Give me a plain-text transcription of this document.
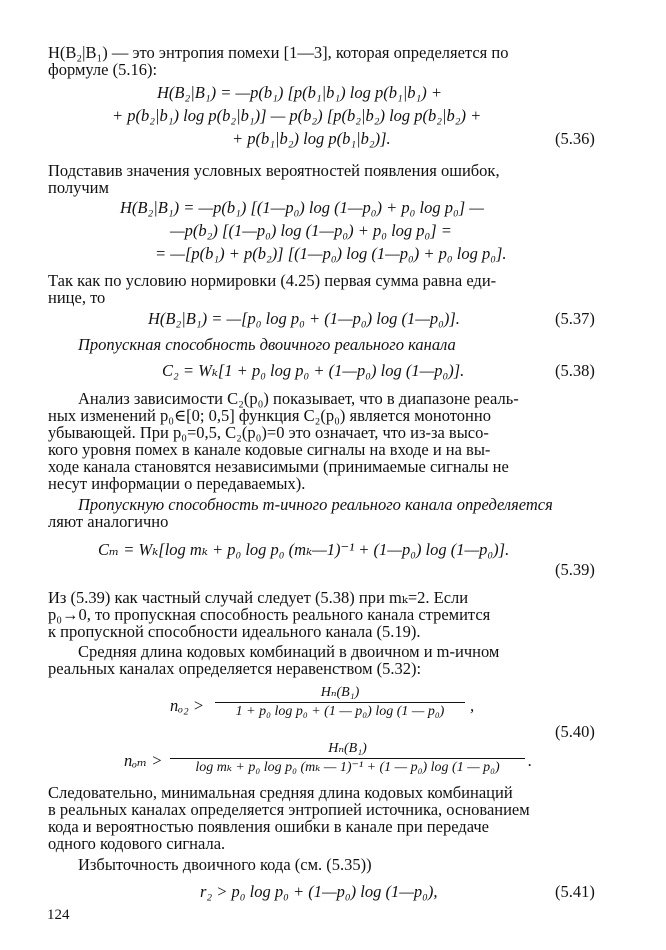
H(B₂|B₁) — это энтропия помехи [1—3], которая определяется по
формуле (5.16):
H(B₂|B₁) = —p(b₁) [p(b₁|b₁) log p(b₁|b₁) +
+ p(b₂|b₁) log p(b₂|b₁)] — p(b₂) [p(b₂|b₂) log p(b₂|b₂) +
+ p(b₁|b₂) log p(b₁|b₂)].	(5.36)
Подставив значения условных вероятностей появления ошибок,
получим
H(B₂|B₁) = —p(b₁) [(1—p₀) log (1—p₀) + p₀ log p₀] —
—p(b₂) [(1—p₀) log (1—p₀) + p₀ log p₀] =
= —[p(b₁) + p(b₂)] [(1—p₀) log (1—p₀) + p₀ log p₀].
Так как по условию нормировки (4.25) первая сумма равна еди-
нице, то
H(B₂|B₁) = —[p₀ log p₀ + (1—p₀) log (1—p₀)].	(5.37)
Пропускная способность двоичного реального канала
C₂ = Wₖ[1 + p₀ log p₀ + (1—p₀) log (1—p₀)].	(5.38)
Анализ зависимости C₂(p₀) показывает, что в диапазоне реаль-
ных изменений p₀∈[0; 0,5] функция C₂(p₀) является монотонно
убывающей. При p₀=0,5, C₂(p₀)=0 это означает, что из-за высо-
кого уровня помех в канале кодовые сигналы на входе и на вы-
ходе канала становятся независимыми (принимаемые сигналы не
несут информации о передаваемых).
Пропускную способность m-ичного реального канала определяется
ляют аналогично
Cₘ = Wₖ[log mₖ + p₀ log p₀ (mₖ—1)⁻¹ + (1—p₀) log (1—p₀)].
(5.39)
Из (5.39) как частный случай следует (5.38) при mₖ=2. Если
p₀→0, то пропускная способность реального канала стремится
к пропускной способности идеального канала (5.19).
Средняя длина кодовых комбинаций в двоичном и m-ичном
реальных каналах определяется неравенством (5.32):
nₒ₂ >
Hₙ(B₁)
1 + p₀ log p₀ + (1 — p₀) log (1 — p₀)	,
(5.40)
nₒₘ >
Hₙ(B₁)
log mₖ + p₀ log p₀ (mₖ — 1)⁻¹ + (1 — p₀) log (1 — p₀)	.
Следовательно, минимальная средняя длина кодовых комбинаций
в реальных каналах определяется энтропией источника, основанием
кода и вероятностью появления ошибки в канале при передаче
одного кодового сигнала.
Избыточность двоичного кода (см. (5.35))
r₂ > p₀ log p₀ + (1—p₀) log (1—p₀),	(5.41)
124
